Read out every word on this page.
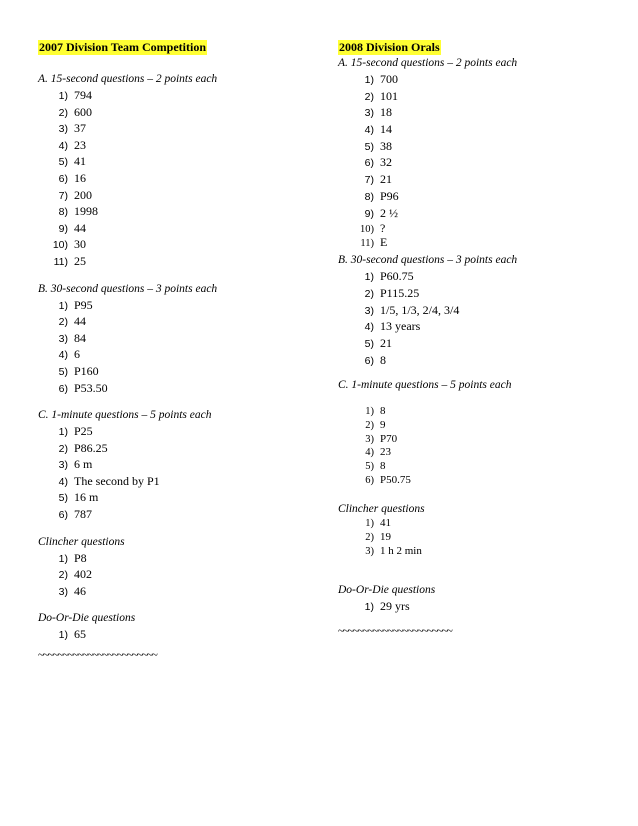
2007 Division Team Competition

A. 15-second questions – 2 points each

1) 794
2) 600
3) 37
4) 23
5) 41
6) 16
7) 200
8) 1998
9) 44
10) 30
11) 25

B. 30-second questions – 3 points each

1) P95
2) 44
3) 84
4) 6
5) P160
6) P53.50

C. 1-minute questions – 5 points each

1) P25
2) P86.25
3) 6 m
4) The second by P1
5) 16 m
6) 787

Clincher questions

1) P8
2) 402
3) 46

Do-Or-Die questions

1) 65

~~~~~~~~~~~~~~~~~~~~~~~~

2008 Division Orals

A. 15-second questions – 2 points each

1) 700
2) 101
3) 18
4) 14
5) 38
6) 32
7) 21
8) P96
9) 2 ½
10) ?
11) E

B. 30-second questions – 3 points each

1) P60.75
2) P115.25
3) 1/5, 1/3, 2/4, 3/4
4) 13 years
5) 21
6) 8

C. 1-minute questions – 5 points each

1) 8
2) 9
3) P70
4) 23
5) 8
6) P50.75

Clincher questions

1) 41
2) 19
3) 1 h 2 min

Do-Or-Die questions

1) 29 yrs

~~~~~~~~~~~~~~~~~~~~~~~
